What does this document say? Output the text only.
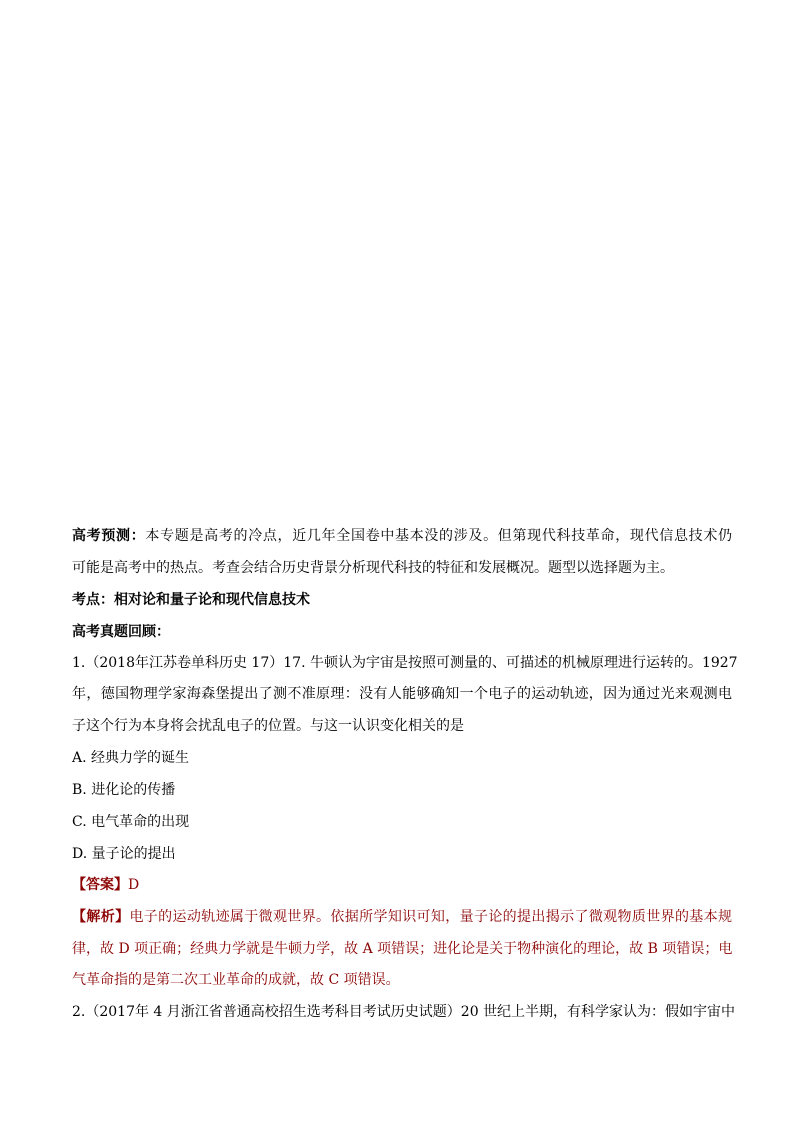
高考预测：本专题是高考的冷点，近几年全国卷中基本没的涉及。但第现代科技革命，现代信息技术仍
可能是高考中的热点。考查会结合历史背景分析现代科技的特征和发展概况。题型以选择题为主。
考点：相对论和量子论和现代信息技术
高考真题回顾：
1.（2018年江苏卷单科历史 17）17. 牛顿认为宇宙是按照可测量的、可描述的机械原理进行运转的。1927
年，德国物理学家海森堡提出了测不准原理：没有人能够确知一个电子的运动轨迹，因为通过光来观测电
子这个行为本身将会扰乱电子的位置。与这一认识变化相关的是
A. 经典力学的诞生
B. 进化论的传播
C. 电气革命的出现
D. 量子论的提出
【答案】D
【解析】电子的运动轨迹属于微观世界。依据所学知识可知，量子论的提出揭示了微观物质世界的基本规
律，故 D 项正确；经典力学就是牛顿力学，故 A 项错误；进化论是关于物种演化的理论，故 B 项错误；电
气革命指的是第二次工业革命的成就，故 C 项错误。
2.（2017年 4 月浙江省普通高校招生选考科目考试历史试题）20 世纪上半期，有科学家认为：假如宇宙中
